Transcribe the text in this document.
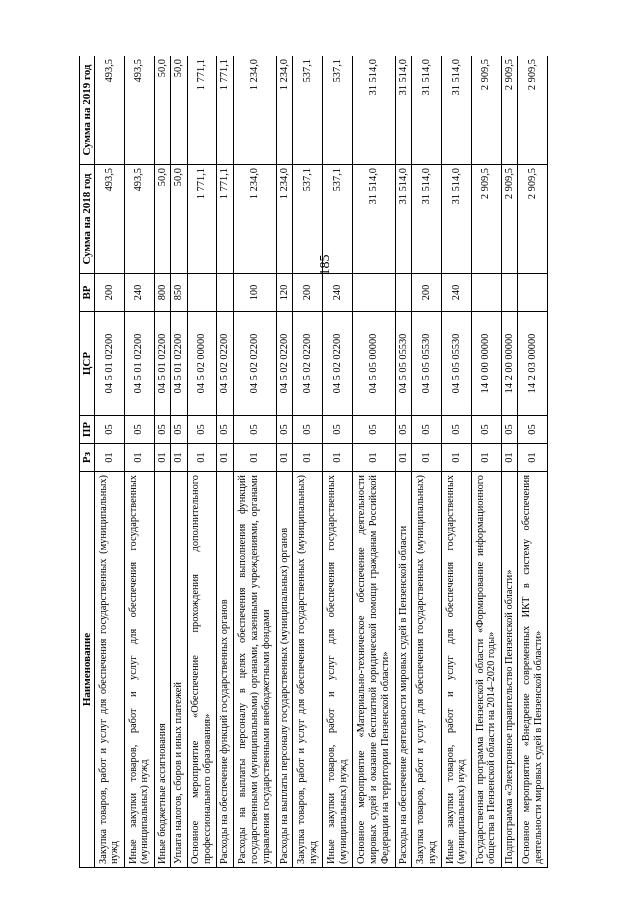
185
Наименование	Рз	ПР	ЦСР	ВР	Сумма на 2018 год	Сумма на 2019 год
Закупка товаров, работ и услуг для обеспечения государственных (муниципальных) нужд	01	05	04 5 01 02200	200	493,5	493,5
Иные закупки товаров, работ и услуг для обеспечения государственных (муниципальных) нужд	01	05	04 5 01 02200	240	493,5	493,5
Иные бюджетные ассигнования	01	05	04 5 01 02200	800	50,0	50,0
Уплата налогов, сборов и иных платежей	01	05	04 5 01 02200	850	50,0	50,0
Основное мероприятие «Обеспечение прохождения дополнительного профессионального образования»	01	05	04 5 02 00000		1 771,1	1 771,1
Расходы на обеспечение функций государственных органов	01	05	04 5 02 02200		1 771,1	1 771,1
Расходы на выплаты персоналу в целях обеспечения выполнения функций государственными (муниципальными) органами, казенными учреждениями, органами управления государственными внебюджетными фондами	01	05	04 5 02 02200	100	1 234,0	1 234,0
Расходы на выплаты персоналу государственных (муниципальных) органов	01	05	04 5 02 02200	120	1 234,0	1 234,0
Закупка товаров, работ и услуг для обеспечения государственных (муниципальных) нужд	01	05	04 5 02 02200	200	537,1	537,1
Иные закупки товаров, работ и услуг для обеспечения государственных (муниципальных) нужд	01	05	04 5 02 02200	240	537,1	537,1
Основное мероприятие «Материально-техническое обеспечение деятельности мировых судей и оказание бесплатной юридической помощи гражданам Российской Федерации на территории Пензенской области»	01	05	04 5 05 00000		31 514,0	31 514,0
Расходы на обеспечение деятельности мировых судей в Пензенской области	01	05	04 5 05 05530		31 514,0	31 514,0
Закупка товаров, работ и услуг для обеспечения государственных (муниципальных) нужд	01	05	04 5 05 05530	200	31 514,0	31 514,0
Иные закупки товаров, работ и услуг для обеспечения государственных (муниципальных) нужд	01	05	04 5 05 05530	240	31 514,0	31 514,0
Государственная программа Пензенской области «Формирование информационного общества в Пензенской области на 2014–2020 годы»	01	05	14 0 00 00000		2 909,5	2 909,5
Подпрограмма «Электронное правительство Пензенской области»	01	05	14 2 00 00000		2 909,5	2 909,5
Основное мероприятие «Внедрение современных ИКТ в систему обеспечения деятельности мировых судей в Пензенской области»	01	05	14 2 03 00000		2 909,5	2 909,5
